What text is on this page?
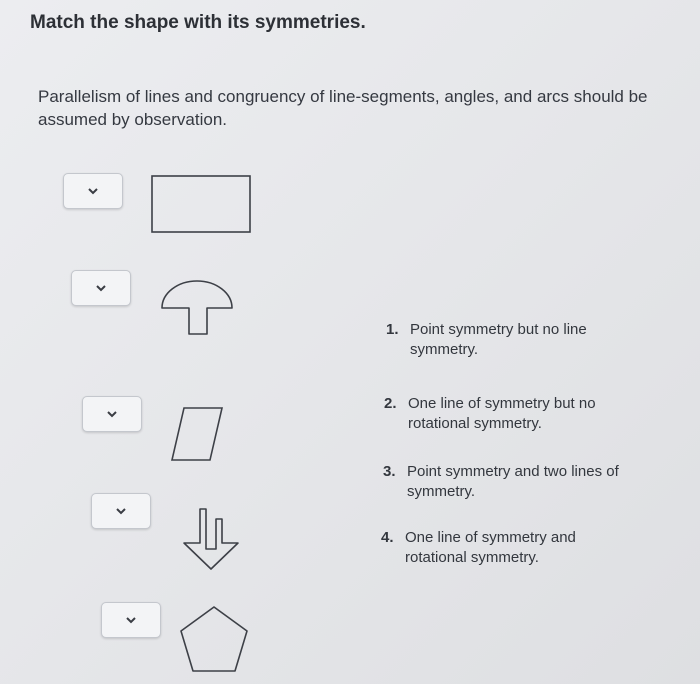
Match the shape with its symmetries.
Parallelism of lines and congruency of line-segments, angles, and arcs should be assumed by observation.
1. Point symmetry but no line symmetry.
2. One line of symmetry but no rotational symmetry.
3. Point symmetry and two lines of symmetry.
4. One line of symmetry and rotational symmetry.
